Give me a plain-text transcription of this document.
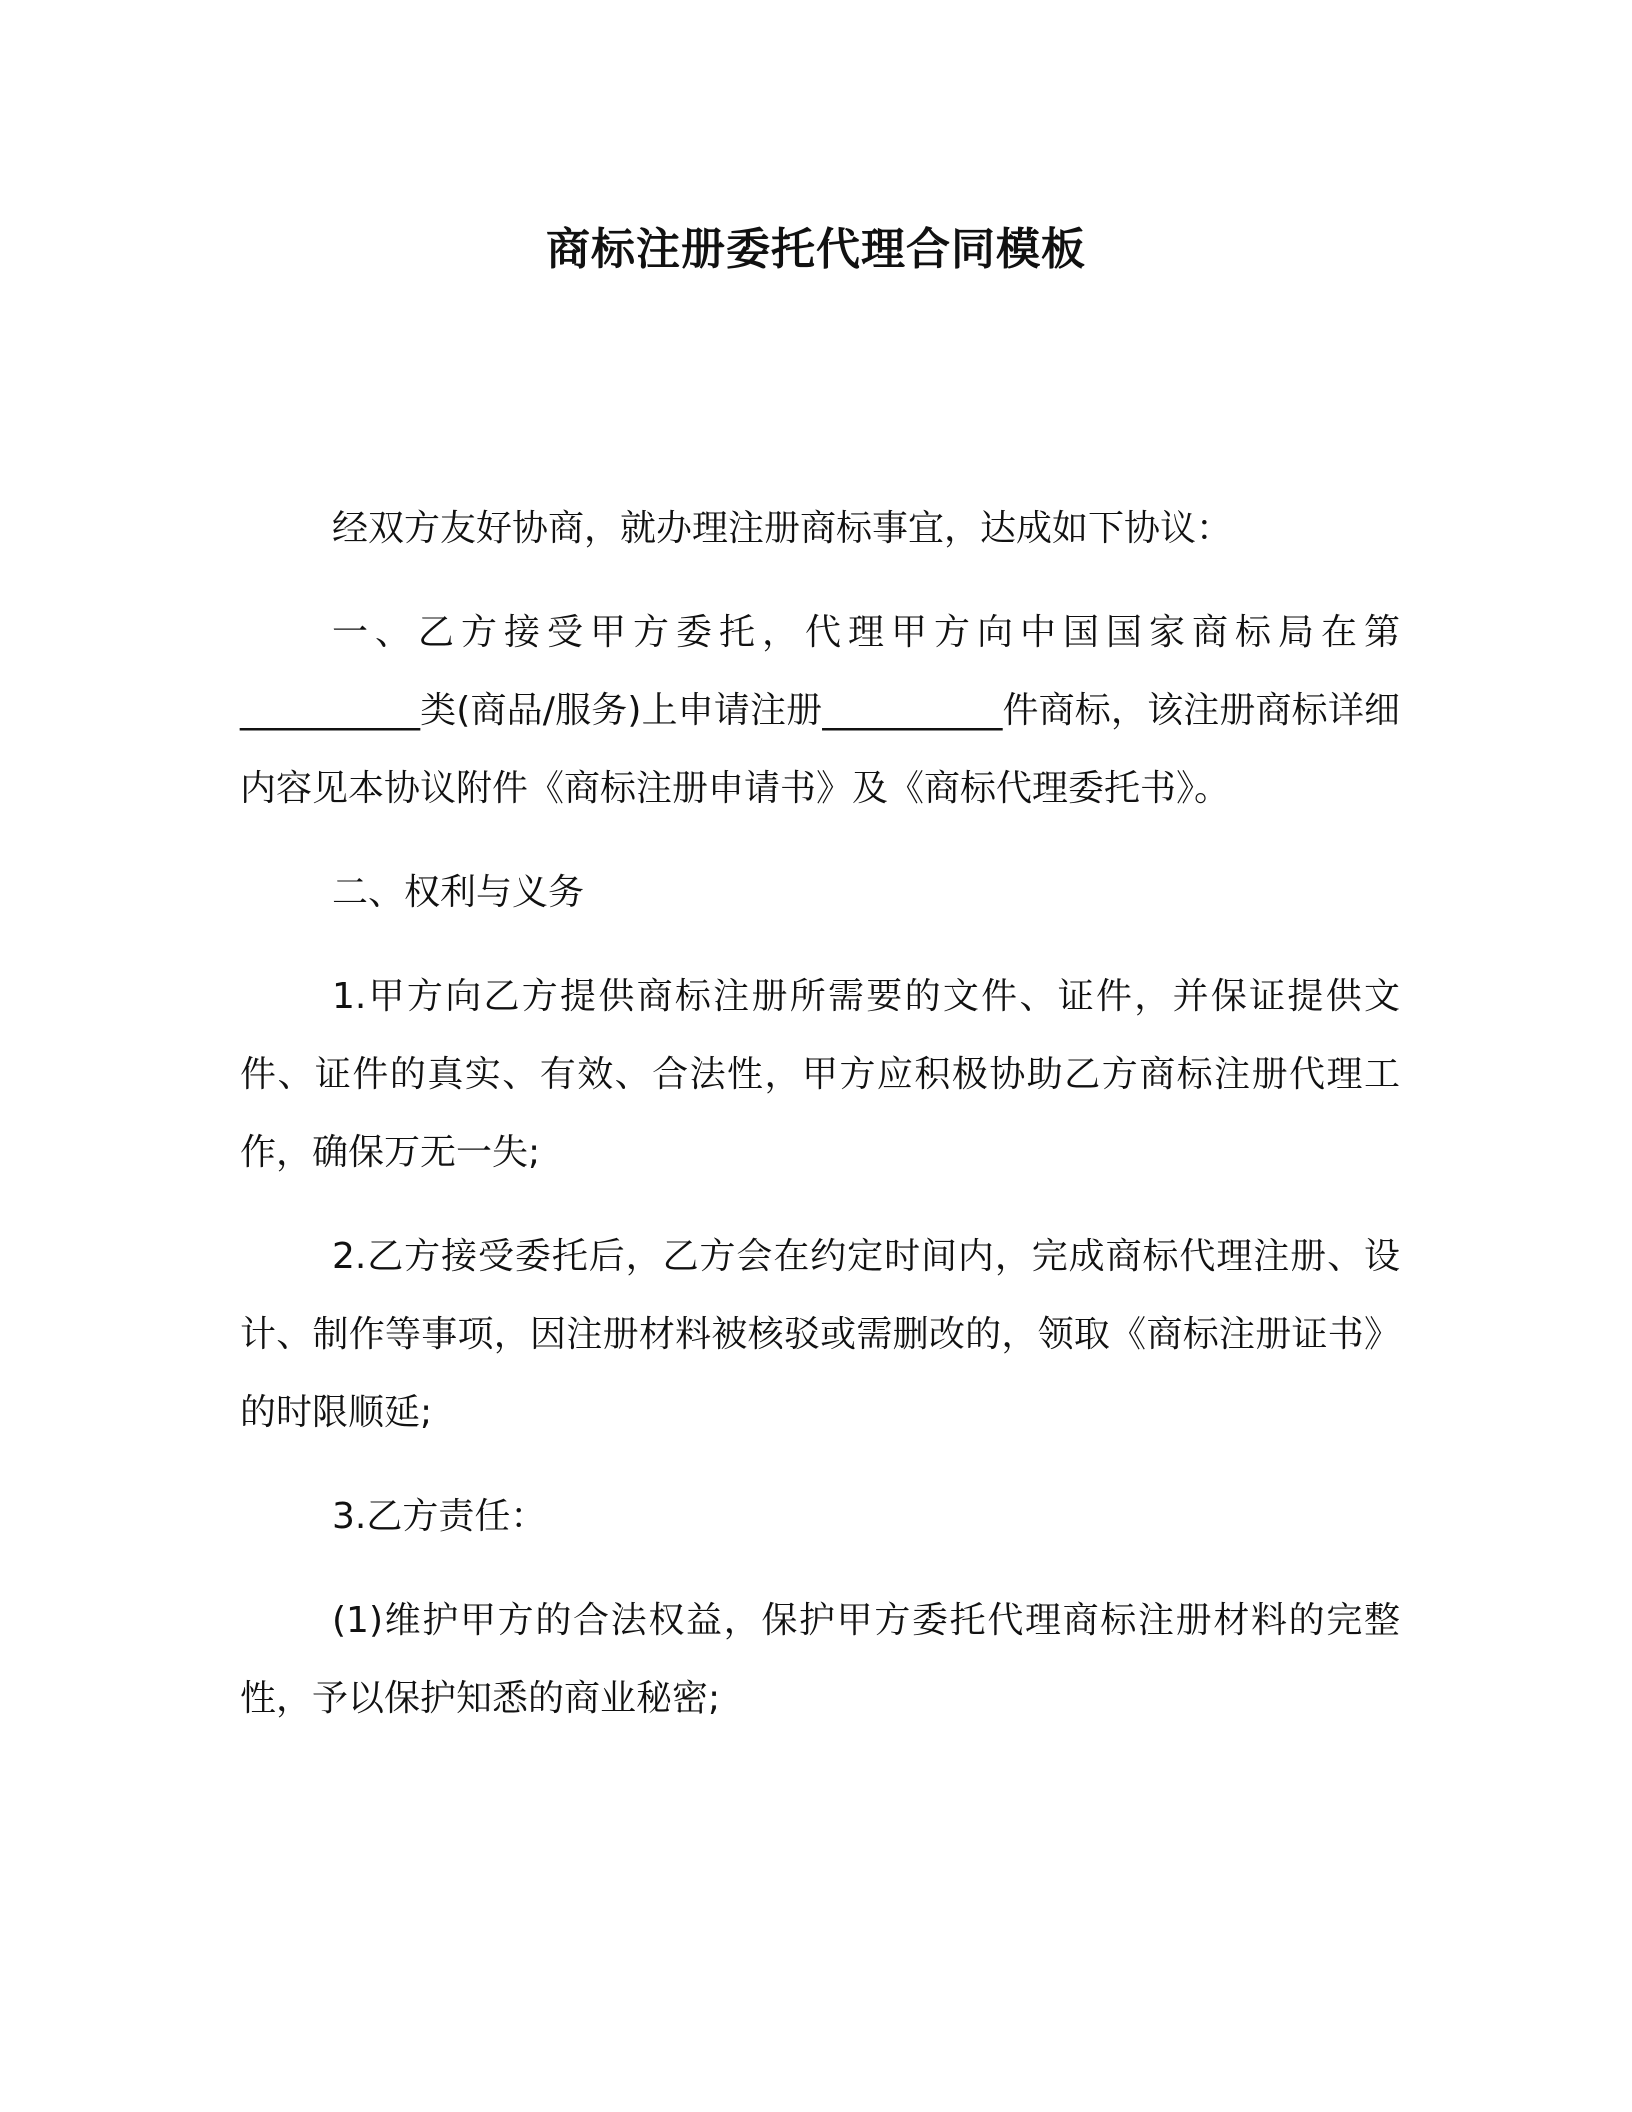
商标注册委托代理合同模板

经双方友好协商，就办理注册商标事宜，达成如下协议：

一、乙方接受甲方委托，代理甲方向中国国家商标局在第__________类(商品/服务)上申请注册__________件商标，该注册商标详细内容见本协议附件《商标注册申请书》及《商标代理委托书》。

二、权利与义务

1.甲方向乙方提供商标注册所需要的文件、证件，并保证提供文件、证件的真实、有效、合法性，甲方应积极协助乙方商标注册代理工作，确保万无一失;

2.乙方接受委托后，乙方会在约定时间内，完成商标代理注册、设计、制作等事项，因注册材料被核驳或需删改的，领取《商标注册证书》的时限顺延;

3.乙方责任：

(1)维护甲方的合法权益，保护甲方委托代理商标注册材料的完整性，予以保护知悉的商业秘密;
